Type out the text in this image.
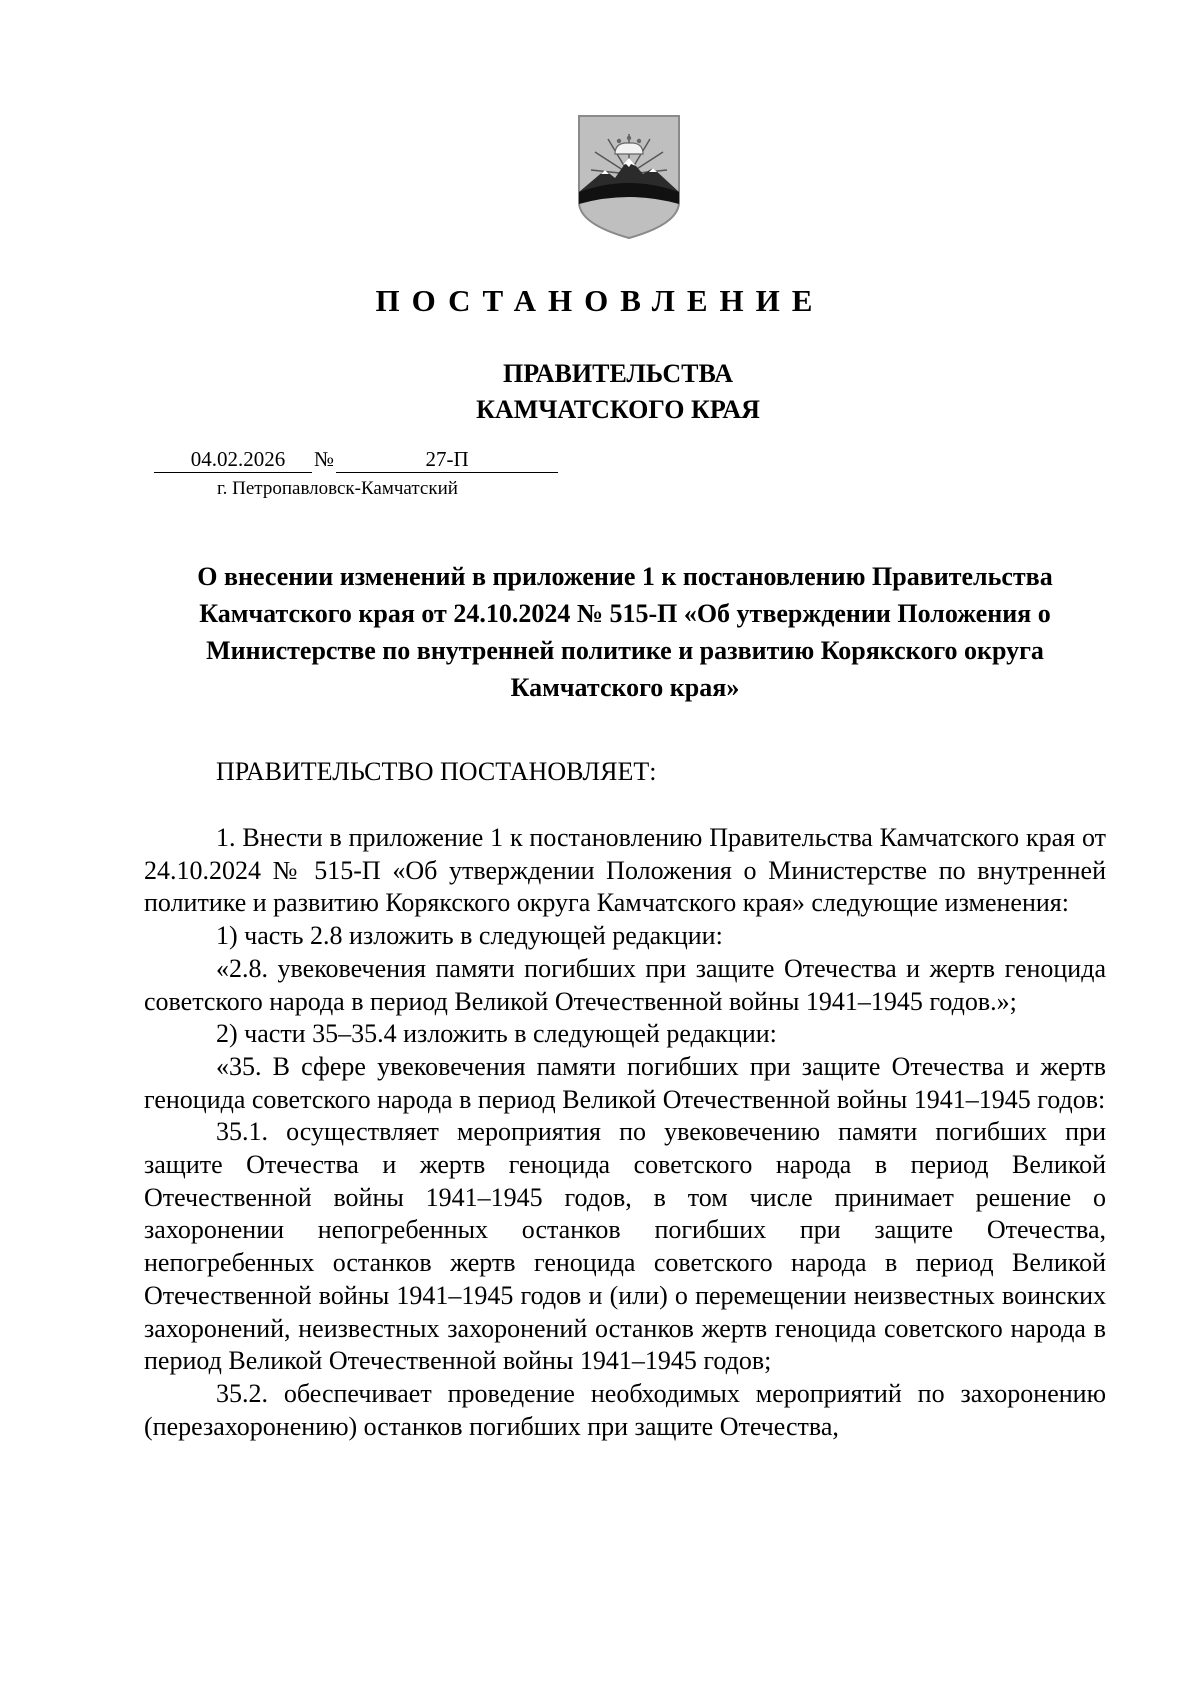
ПОСТАНОВЛЕНИЕ
ПРАВИТЕЛЬСТВА
КАМЧАТСКОГО КРАЯ
04.02.2026 №	27-П
г. Петропавловск-Камчатский
О внесении изменений в приложение 1 к постановлению Правительства Камчатского края от 24.10.2024 № 515-П «Об утверждении Положения о Министерстве по внутренней политике и развитию Корякского округа Камчатского края»
ПРАВИТЕЛЬСТВО ПОСТАНОВЛЯЕТ:

1. Внести в приложение 1 к постановлению Правительства Камчатского края от 24.10.2024 № 515-П «Об утверждении Положения о Министерстве по внутренней политике и развитию Корякского округа Камчатского края» следующие изменения:

1) часть 2.8 изложить в следующей редакции:

«2.8. увековечения памяти погибших при защите Отечества и жертв геноцида советского народа в период Великой Отечественной войны 1941–1945 годов.»;

2) части 35–35.4 изложить в следующей редакции:

«35. В сфере увековечения памяти погибших при защите Отечества и жертв геноцида советского народа в период Великой Отечественной войны 1941–1945 годов:

35.1. осуществляет мероприятия по увековечению памяти погибших при защите Отечества и жертв геноцида советского народа в период Великой Отечественной войны 1941–1945 годов, в том числе принимает решение о захоронении непогребенных останков погибших при защите Отечества, непогребенных останков жертв геноцида советского народа в период Великой Отечественной войны 1941–1945 годов и (или) о перемещении неизвестных воинских захоронений, неизвестных захоронений останков жертв геноцида советского народа в период Великой Отечественной войны 1941–1945 годов;

35.2. обеспечивает проведение необходимых мероприятий по захоронению (перезахоронению) останков погибших при защите Отечества,
